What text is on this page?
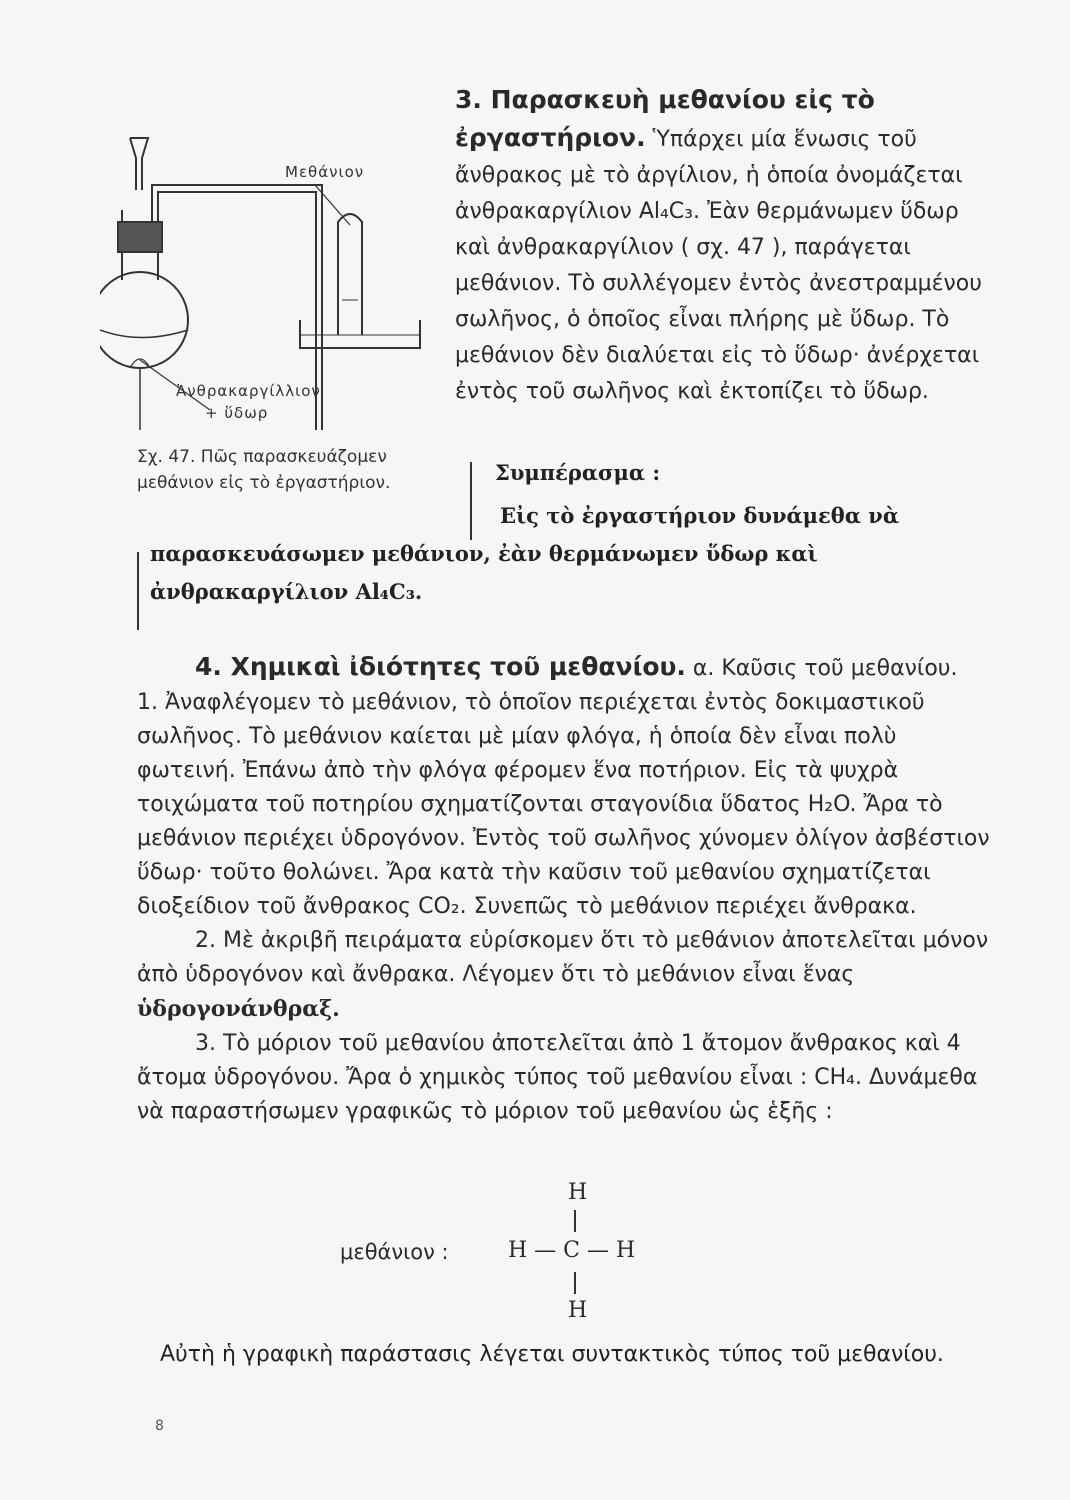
Μεθάνιον
Ἀνθρακαργίλλιον
+ ὕδωρ
Σχ. 47. Πῶς παρασκευάζομεν μεθάνιον εἰς τὸ ἐργαστήριον.

3. Παρασκευὴ μεθανίου εἰς τὸ ἐργαστήριον. Ὑπάρχει μία ἕνωσις τοῦ ἄνθρακος μὲ τὸ ἀργίλιον, ἡ ὁποία ὀνομάζεται ἀνθρακαργίλιον Al₄C₃. Ἐὰν θερμάνωμεν ὕδωρ καὶ ἀνθρακαργίλιον ( σχ. 47 ), παράγεται μεθάνιον. Τὸ συλλέγομεν ἐντὸς ἀνεστραμμένου σωλῆνος, ὁ ὁποῖος εἶναι πλήρης μὲ ὕδωρ. Τὸ μεθάνιον δὲν διαλύεται εἰς τὸ ὕδωρ· ἀνέρχεται ἐντὸς τοῦ σωλῆνος καὶ ἐκτοπίζει τὸ ὕδωρ.

Συμπέρασμα :
Εἰς τὸ ἐργαστήριον δυνάμεθα νὰ παρασκευάσωμεν μεθάνιον, ἐὰν θερμάνωμεν ὕδωρ καὶ ἀνθρακαργίλιον Al₄C₃.

4. Χημικαὶ ἰδιότητες τοῦ μεθανίου. α. Καῦσις τοῦ μεθανίου.

1. Ἀναφλέγομεν τὸ μεθάνιον, τὸ ὁποῖον περιέχεται ἐντὸς δοκιμαστικοῦ σωλῆνος. Τὸ μεθάνιον καίεται μὲ μίαν φλόγα, ἡ ὁποία δὲν εἶναι πολὺ φωτεινή. Ἐπάνω ἀπὸ τὴν φλόγα φέρομεν ἕνα ποτήριον. Εἰς τὰ ψυχρὰ τοιχώματα τοῦ ποτηρίου σχηματίζονται σταγονίδια ὕδατος H₂O. Ἄρα τὸ μεθάνιον περιέχει ὑδρογόνον. Ἐντὸς τοῦ σωλῆνος χύνομεν ὀλίγον ἀσβέστιον ὕδωρ· τοῦτο θολώνει. Ἄρα κατὰ τὴν καῦσιν τοῦ μεθανίου σχηματίζεται διοξείδιον τοῦ ἄνθρακος CO₂. Συνεπῶς τὸ μεθάνιον περιέχει ἄνθρακα.

2. Μὲ ἀκριβῆ πειράματα εὑρίσκομεν ὅτι τὸ μεθάνιον ἀποτελεῖται μόνον ἀπὸ ὑδρογόνον καὶ ἄνθρακα. Λέγομεν ὅτι τὸ μεθάνιον εἶναι ἕνας ὑδρογονάνθραξ.

3. Τὸ μόριον τοῦ μεθανίου ἀποτελεῖται ἀπὸ 1 ἄτομον ἄνθρακος καὶ 4 ἄτομα ὑδρογόνου. Ἄρα ὁ χημικὸς τύπος τοῦ μεθανίου εἶναι : CH₄. Δυνάμεθα νὰ παραστήσωμεν γραφικῶς τὸ μόριον τοῦ μεθανίου ὡς ἑξῆς :

H
μεθάνιον :	H — C — H
H
Αὐτὴ ἡ γραφικὴ παράστασις λέγεται συντακτικὸς τύπος τοῦ μεθανίου.
8
